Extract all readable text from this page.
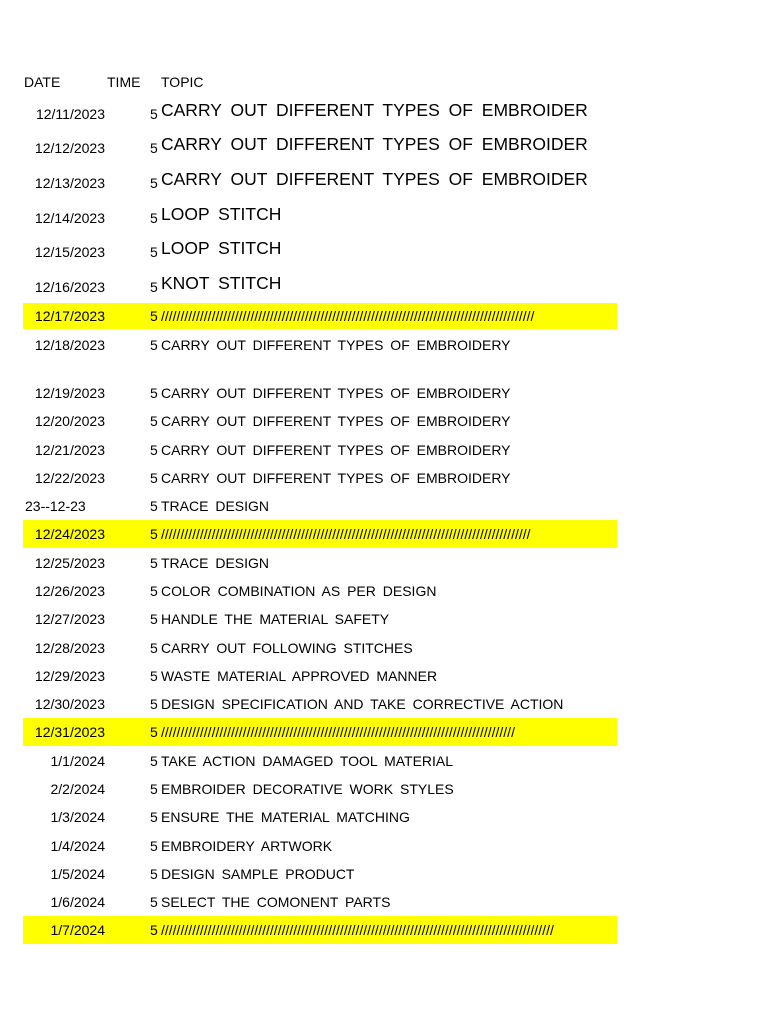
DATE	TIME TOPIC
12/11/2023	5 CARRY OUT DIFFERENT TYPES OF EMBROIDER
12/12/2023	5 CARRY OUT DIFFERENT TYPES OF EMBROIDER
12/13/2023	5 CARRY OUT DIFFERENT TYPES OF EMBROIDER
12/14/2023	5 LOOP STITCH
12/15/2023	5 LOOP STITCH
12/16/2023	5 KNOT STITCH
12/17/2023	5 ////////////////////////////////////////////////////////////////////////////////////////////////
12/18/2023	5 CARRY OUT DIFFERENT TYPES OF EMBROIDERY
12/19/2023	5 CARRY OUT DIFFERENT TYPES OF EMBROIDERY
12/20/2023	5 CARRY OUT DIFFERENT TYPES OF EMBROIDERY
12/21/2023	5 CARRY OUT DIFFERENT TYPES OF EMBROIDERY
12/22/2023	5 CARRY OUT DIFFERENT TYPES OF EMBROIDERY
23--12-23	5 TRACE DESIGN
12/24/2023	5 ///////////////////////////////////////////////////////////////////////////////////////////////
12/25/2023	5 TRACE DESIGN
12/26/2023	5 COLOR COMBINATION AS PER DESIGN
12/27/2023	5 HANDLE THE MATERIAL SAFETY
12/28/2023	5 CARRY OUT FOLLOWING STITCHES
12/29/2023	5 WASTE MATERIAL APPROVED MANNER
12/30/2023	5 DESIGN SPECIFICATION AND TAKE CORRECTIVE ACTION
12/31/2023	5 ///////////////////////////////////////////////////////////////////////////////////////////
1/1/2024	5 TAKE ACTION DAMAGED TOOL MATERIAL
2/2/2024	5 EMBROIDER DECORATIVE WORK STYLES
1/3/2024	5 ENSURE THE MATERIAL MATCHING
1/4/2024	5 EMBROIDERY ARTWORK
1/5/2024	5 DESIGN SAMPLE PRODUCT
1/6/2024	5 SELECT THE COMONENT PARTS
1/7/2024	5 /////////////////////////////////////////////////////////////////////////////////////////////////////
